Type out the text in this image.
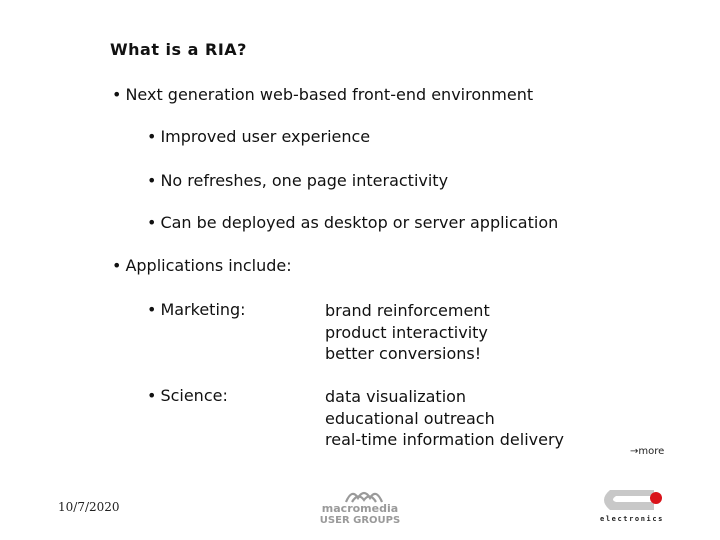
What is a RIA?
• Next generation web-based front-end environment
• Improved user experience
• No refreshes, one page interactivity
• Can be deployed as desktop or server application
• Applications include:
• Marketing:	brand reinforcement
product interactivity
better conversions!
• Science:	data visualization
educational outreach
real-time information delivery
→more
10/7/2020	macromedia
USER GROUPS	electronics
